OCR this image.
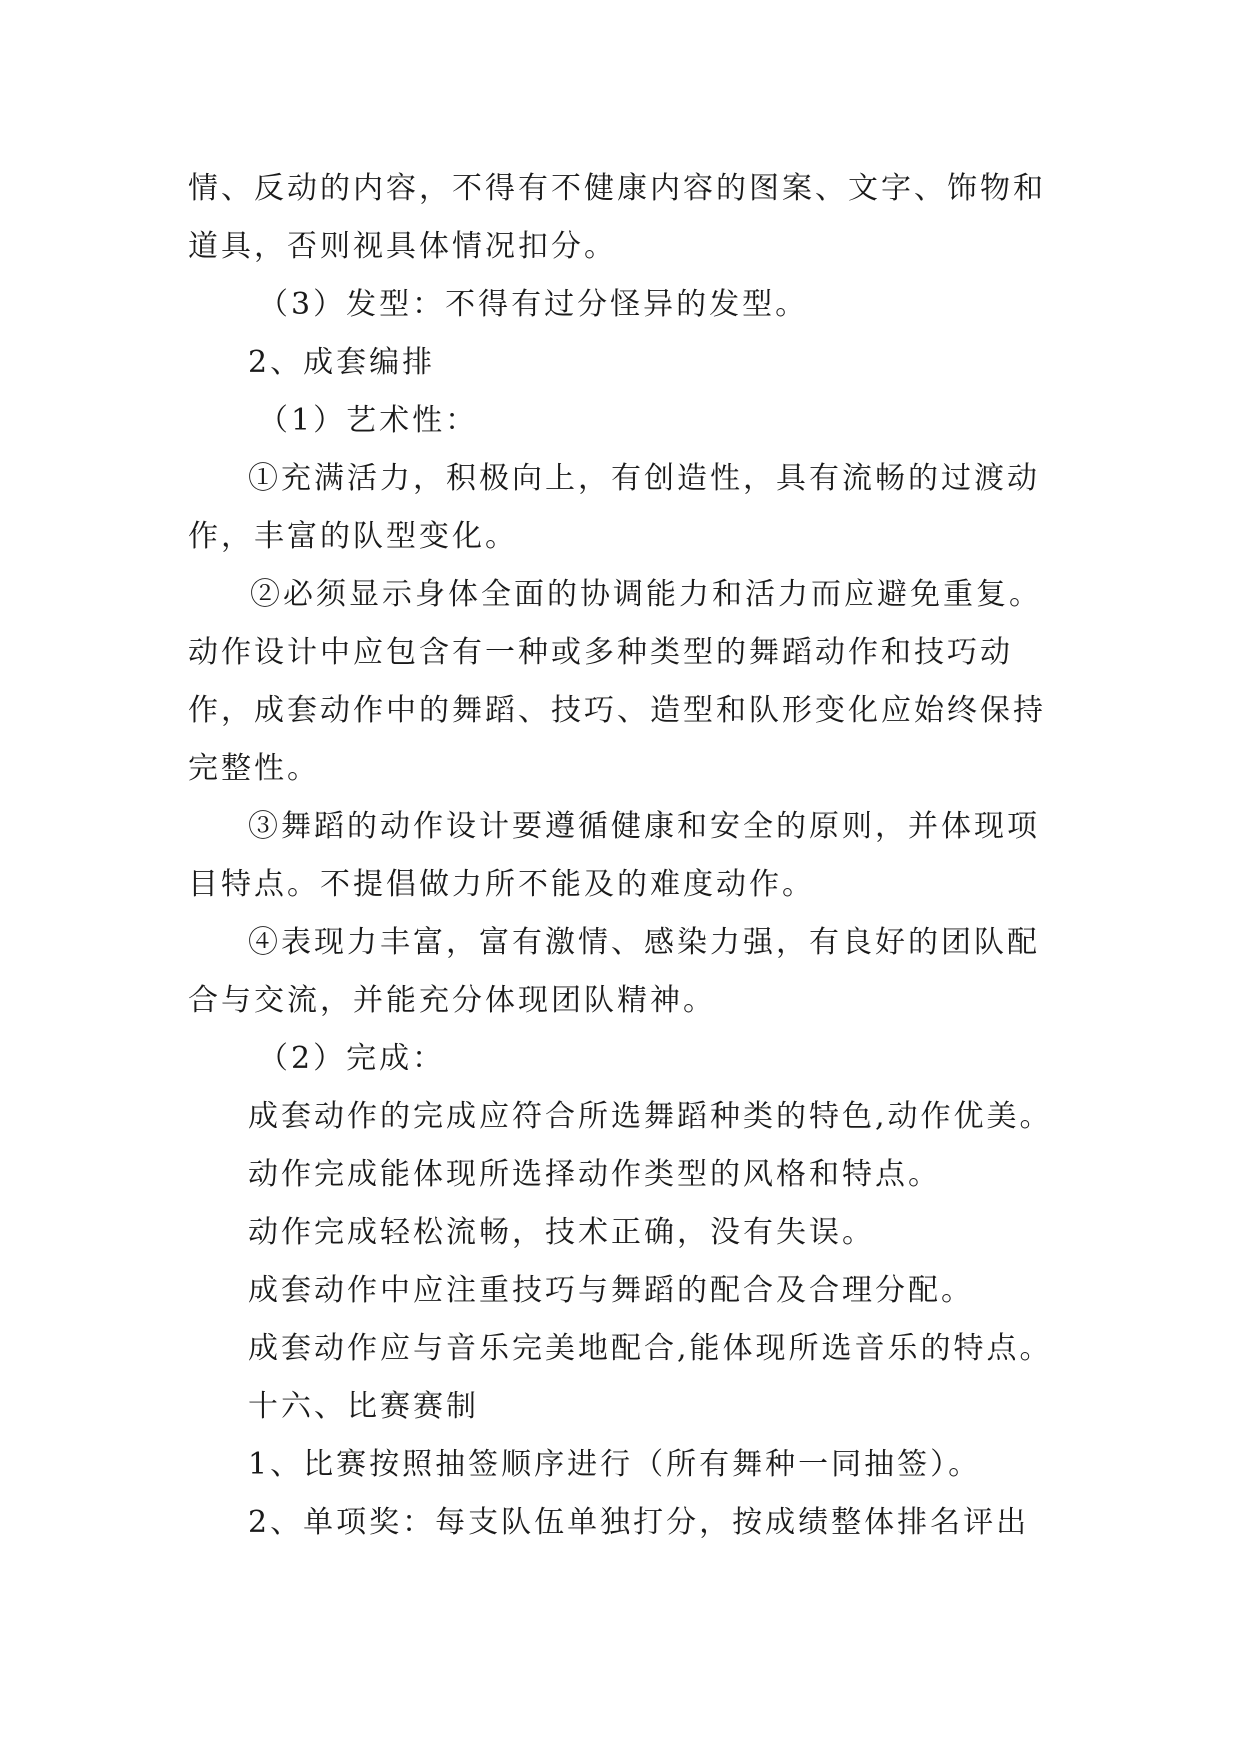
情、反动的内容，不得有不健康内容的图案、文字、饰物和
道具，否则视具体情况扣分。
（3）发型：不得有过分怪异的发型。
2、成套编排
（1）艺术性：
①充满活力，积极向上，有创造性，具有流畅的过渡动
作，丰富的队型变化。
②必须显示身体全面的协调能力和活力而应避免重复。
动作设计中应包含有一种或多种类型的舞蹈动作和技巧动
作，成套动作中的舞蹈、技巧、造型和队形变化应始终保持
完整性。
③舞蹈的动作设计要遵循健康和安全的原则，并体现项
目特点。不提倡做力所不能及的难度动作。
④表现力丰富，富有激情、感染力强，有良好的团队配
合与交流，并能充分体现团队精神。
（2）完成：
成套动作的完成应符合所选舞蹈种类的特色,动作优美。
动作完成能体现所选择动作类型的风格和特点。
动作完成轻松流畅，技术正确，没有失误。
成套动作中应注重技巧与舞蹈的配合及合理分配。
成套动作应与音乐完美地配合,能体现所选音乐的特点。
十六、比赛赛制
1、比赛按照抽签顺序进行（所有舞种一同抽签）。
2、单项奖：每支队伍单独打分，按成绩整体排名评出
